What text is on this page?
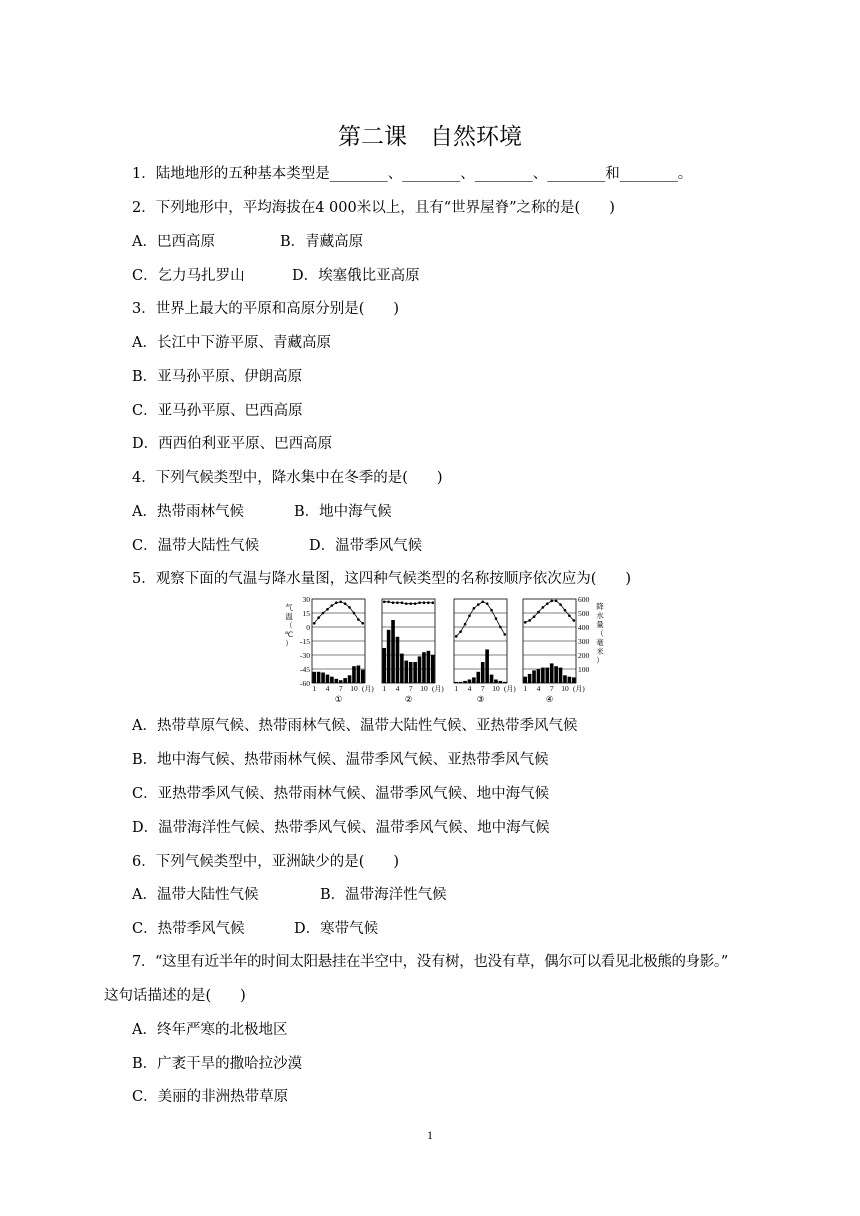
第二课　自然环境
1．陆地地形的五种基本类型是________、________、________、________和________。
2．下列地形中，平均海拔在4 000米以上，且有“世界屋脊”之称的是(　　)
A．巴西高原	B．青藏高原
C．乞力马扎罗山	D．埃塞俄比亚高原
3．世界上最大的平原和高原分别是(　　)
A．长江中下游平原、青藏高原
B．亚马孙平原、伊朗高原
C．亚马孙平原、巴西高原
D．西西伯利亚平原、巴西高原
4．下列气候类型中，降水集中在冬季的是(　　)
A．热带雨林气候	B．地中海气候
C．温带大陆性气候	D．温带季风气候
5．观察下面的气温与降水量图，这四种气候类型的名称按顺序依次应为(　　)
30
15
0
-15
-30
-45
-60
气
温
（
℃
）
600
500
400
300
200
100
降
水
量
（
毫
米
）
1 4 7 10 (月)
①
1 4 7 10 (月)
②
1 4 7 10 (月)
③
1 4 7 10 (月)
④
A．热带草原气候、热带雨林气候、温带大陆性气候、亚热带季风气候
B．地中海气候、热带雨林气候、温带季风气候、亚热带季风气候
C．亚热带季风气候、热带雨林气候、温带季风气候、地中海气候
D．温带海洋性气候、热带季风气候、温带季风气候、地中海气候
6．下列气候类型中，亚洲缺少的是(　　)
A．温带大陆性气候	B．温带海洋性气候
C．热带季风气候	D．寒带气候
7．“这里有近半年的时间太阳悬挂在半空中，没有树，也没有草，偶尔可以看见北极熊的身影。”
这句话描述的是(　　)
A．终年严寒的北极地区
B．广袤干旱的撒哈拉沙漠
C．美丽的非洲热带草原
1
